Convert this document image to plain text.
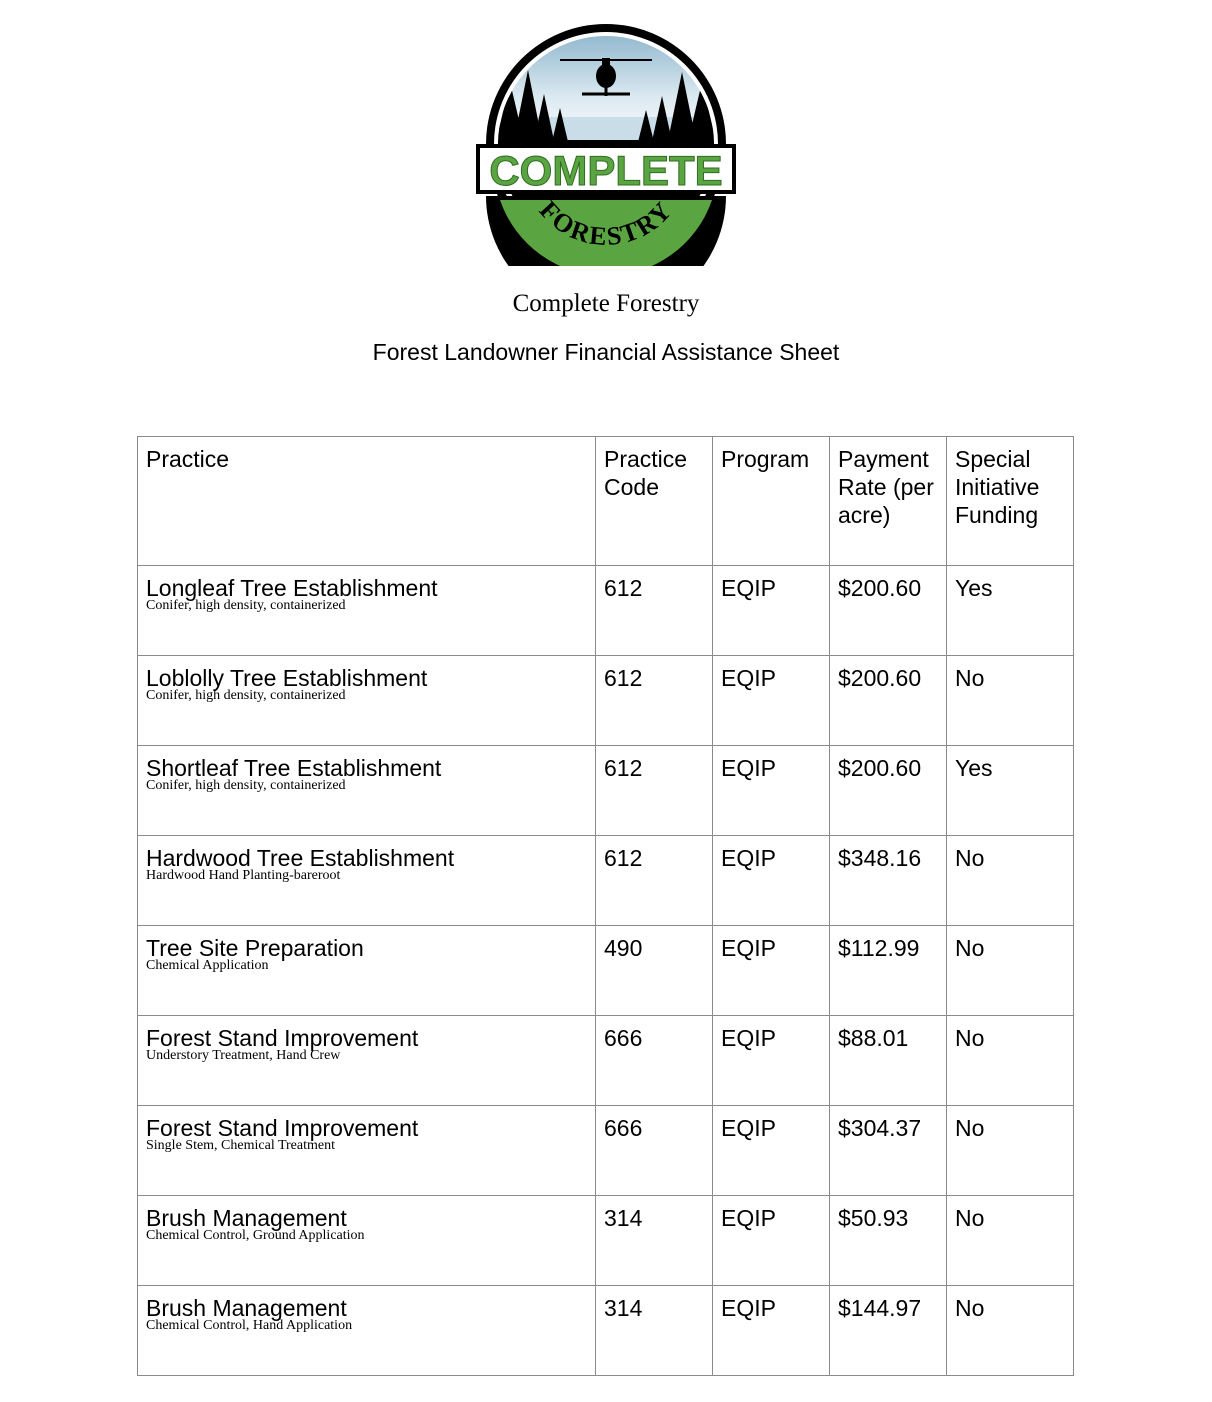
COMPLETE
FORESTRY
Complete Forestry
Forest Landowner Financial Assistance Sheet
Practice	Practice Code	Program	Payment Rate (per acre)	Special Initiative Funding

Longleaf Tree Establishment
Conifer, high density, containerized	612	EQIP	$200.60	Yes

Loblolly Tree Establishment
Conifer, high density, containerized	612	EQIP	$200.60	No

Shortleaf Tree Establishment
Conifer, high density, containerized	612	EQIP	$200.60	Yes

Hardwood Tree Establishment
Hardwood Hand Planting-bareroot	612	EQIP	$348.16	No

Tree Site Preparation
Chemical Application	490	EQIP	$112.99	No

Forest Stand Improvement
Understory Treatment, Hand Crew	666	EQIP	$88.01	No

Forest Stand Improvement
Single Stem, Chemical Treatment	666	EQIP	$304.37	No

Brush Management
Chemical Control, Ground Application	314	EQIP	$50.93	No

Brush Management
Chemical Control, Hand Application	314	EQIP	$144.97	No
